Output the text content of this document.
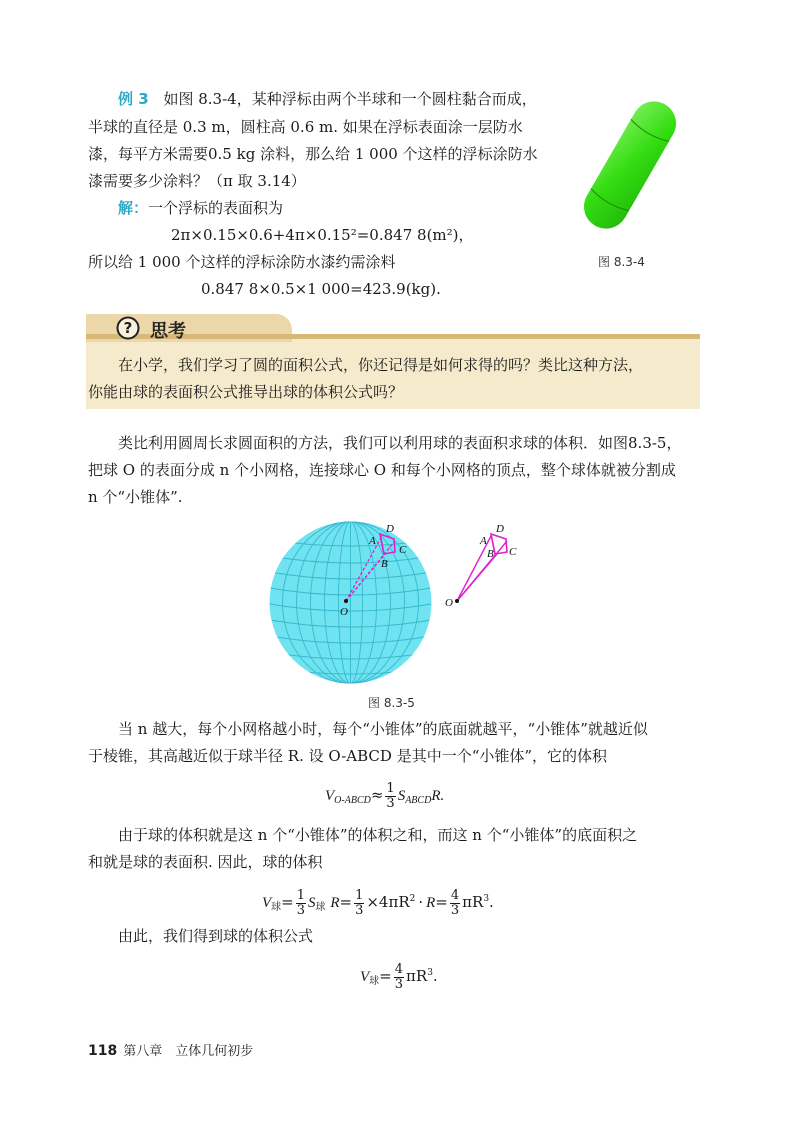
例 3 如图 8.3-4，某种浮标由两个半球和一个圆柱黏合而成，
半球的直径是 0.3 m，圆柱高 0.6 m. 如果在浮标表面涂一层防水
漆，每平方米需要0.5 kg 涂料，那么给 1 000 个这样的浮标涂防水
漆需要多少涂料？（π 取 3.14）
解：一个浮标的表面积为
2π×0.15×0.6+4π×0.15²=0.847 8(m²)，
所以给 1 000 个这样的浮标涂防水漆约需涂料
0.847 8×0.5×1 000=423.9(kg).
图 8.3-4
? 思考
在小学，我们学习了圆的面积公式，你还记得是如何求得的吗？类比这种方法，
你能由球的表面积公式推导出球的体积公式吗？
类比利用圆周长求圆面积的方法，我们可以利用球的表面积求球的体积．如图8.3-5，
把球 O 的表面分成 n 个小网格，连接球心 O 和每个小网格的顶点，整个球体就被分割成
n 个“小锥体”.
A
D
C
B
O
A
D
C
B
O
图 8.3-5
当 n 越大，每个小网格越小时，每个“小锥体”的底面就越平，“小锥体”就越近似
于棱锥，其高越近似于球半径 R. 设 O-ABCD 是其中一个“小锥体”，它的体积
$V_{O-ABCD}\approx \frac{1}{3} S_{ABCD}R$.
由于球的体积就是这 n 个“小锥体”的体积之和，而这 n 个“小锥体”的底面积之
和就是球的表面积. 因此，球的体积
$V_球= \frac{1}{3} S_球$ $R= \frac{1}{3} \times 4\pi R^2 \cdot R= \frac{4}{3} \pi R^3$.
由此，我们得到球的体积公式
$V_球= \frac{4}{3} \pi R^3$.
118 第八章　立体几何初步
